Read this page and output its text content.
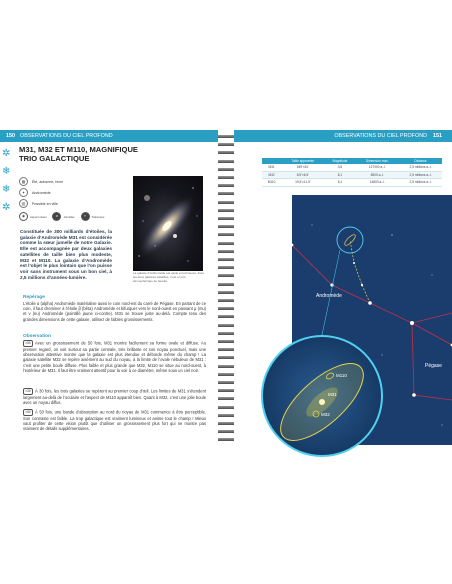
150 OBSERVATIONS DU CIEL PROFOND
✲
❄
❄
✲
M31, M32 ET M110, MAGNIFIQUE TRIO GALACTIQUE
▦	Été, automne, hiver
✦	Andromède
▥	Possible en ville
◉	Aspect visuel	∞	Jumelles	⌖	Télescope
Constituée de 300 milliards d’étoiles, la galaxie d’Andromède M31 est considérée comme la sœur jumelle de notre Galaxie. Elle est accompagnée par deux galaxies satellites de taille bien plus modeste, M32 et M110. La galaxie d’Andromède est l’objet le plus lointain que l’on puisse voir sans instrument sous un bon ciel, à 2,5 millions d’années-lumière.
La galaxie d’Andromède est vaste et lumineuse. Avec les deux galaxies satellites, c’est un trio atmosphérique de beauté.
Repérage
L’étoile α (alpha) Andromède matérialise aussi le coin nord-est du carré de Pégase. En partant de ce coin, il faut cheminer à l’étoile β (bêta) Andromède et bifurquer vers le nord-ouest en passant μ (mu) et ν (nu) Andromède (pointillé jaune ci-contre). M31 se trouve juste au-delà. Compte tenu des grandes dimensions de cette galaxie, utilisez de faibles grossissements.
Observation
×50 Avec un grossissement de 50 fois, M31 montre facilement sa forme ovale et diffuse. Au premier regard, on voit surtout sa partie centrale, très brillante et son noyau ponctuel, mais une observation attentive montre que la galaxie est plus étendue et déborde même du champ ! La galaxie satellite M32 se repère aisément au sud du noyau, à la limite de l’ovale nébuleux de M31 : c’est une petite boule diffuse. Plus faible et plus grande que M32, M110 se situe au nord-ouest, à l’extérieur de M31. Il faut être vraiment attentif pour la voir à ce diamètre, même sous un ciel noir.
×30 À 30 fois, les trois galaxies se repèrent au premier coup d’œil. Les limites de M31 s’étendent largement au-delà de l’oculaire et l’aspect de M110 apparaît bien. Quant à M32, c’est une jolie boule avec un noyau diffus.
×50 À 50 fois, une bande d’absorption au nord du noyau de M31 commence à être perceptible. Son contraste est faible. La trop galactique est vraiment lumineux et anime tout le champ ! Mieux vaut profiter de cette vision plutôt que d’utiliser un grossissement plus fort qui ne montre pas vraiment de détails supplémentaires.
OBSERVATIONS DU CIEL PROFOND	151
	Taille apparente	Magnitude	Dimension max.	Distance
M31	189’×61’	3,5	127000 a.-l.	2,5 millions a.-l.
M32	8,5’×6,5’	8,1	6500 a.-l.	2,5 millions a.-l.
M110	19,5’×11,5’	8,1	14800 a.-l.	2,5 millions a.-l.
Andromède
Pégase
M110
M31
M32
